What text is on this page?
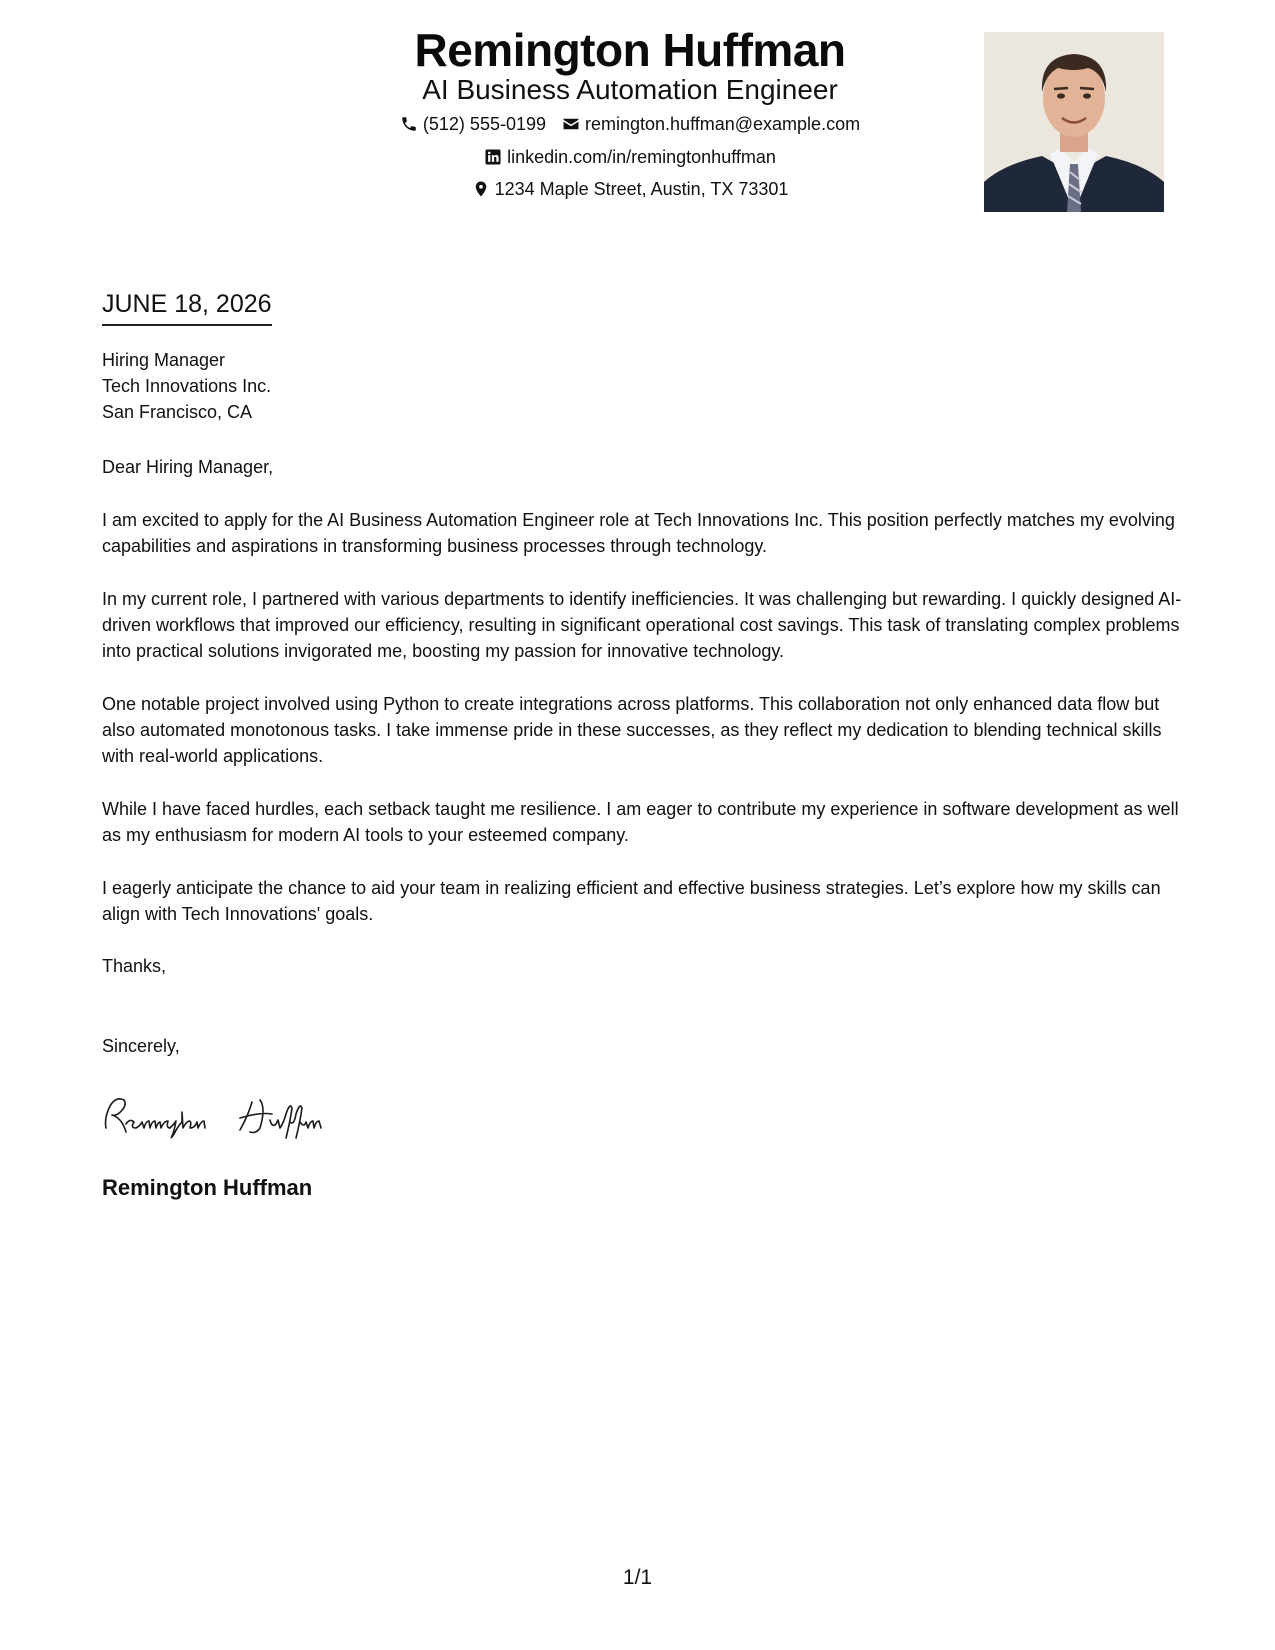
Remington Huffman
AI Business Automation Engineer
(512) 555-0199 remington.huffman@example.com
linkedin.com/in/remingtonhuffman
1234 Maple Street, Austin, TX 73301
JUNE 18, 2026
Hiring Manager
Tech Innovations Inc.
San Francisco, CA

Dear Hiring Manager,

I am excited to apply for the AI Business Automation Engineer role at Tech Innovations Inc. This position perfectly matches my evolving capabilities and aspirations in transforming business processes through technology.

In my current role, I partnered with various departments to identify inefficiencies. It was challenging but rewarding. I quickly designed AI-driven workflows that improved our efficiency, resulting in significant operational cost savings. This task of translating complex problems into practical solutions invigorated me, boosting my passion for innovative technology.

One notable project involved using Python to create integrations across platforms. This collaboration not only enhanced data flow but also automated monotonous tasks. I take immense pride in these successes, as they reflect my dedication to blending technical skills with real-world applications.

While I have faced hurdles, each setback taught me resilience. I am eager to contribute my experience in software development as well as my enthusiasm for modern AI tools to your esteemed company.

I eagerly anticipate the chance to aid your team in realizing efficient and effective business strategies. Let’s explore how my skills can align with Tech Innovations' goals.

Thanks,
Sincerely,
Remington Huffman
1/1
